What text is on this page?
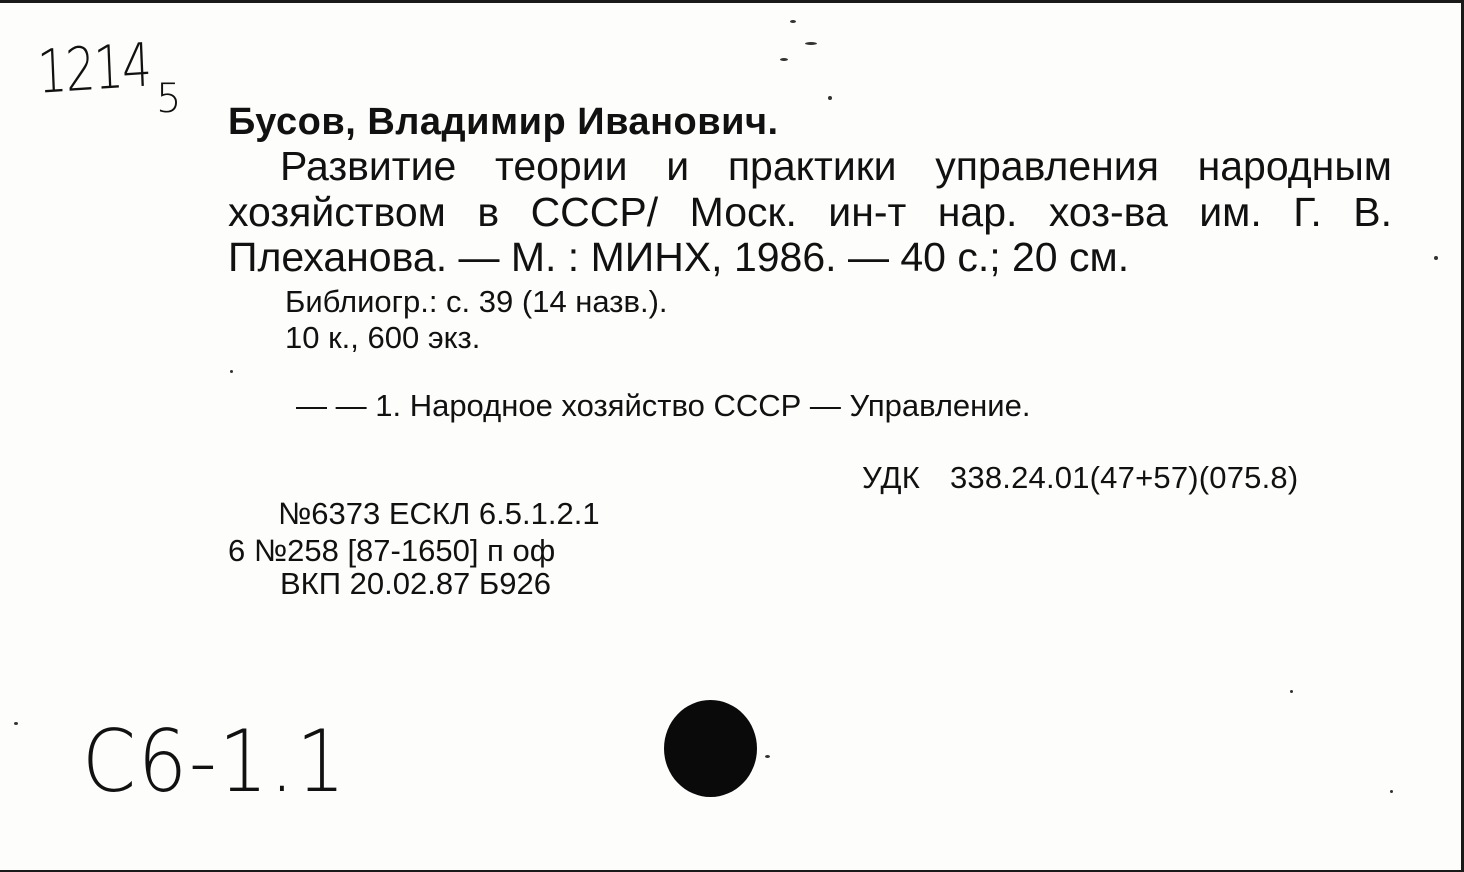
1214 5 Бусов, Владимир Иванович.
Развитие теории и практики управления народным
хозяйством в СССР/ Моск. ин-т нар. хоз-ва им. Г. В.
Плеханова. — М. : МИНХ, 1986. — 40 с.; 20 см.
Библиогр.: с. 39 (14 назв.).
10 к., 600 экз.
— — 1. Народное хозяйство СССР — Управление.
УДК 338.24.01(47+57)(075.8)
№6373 ЕСКЛ 6.5.1.2.1
6 №258 [87-1650] п оф
ВКП 20.02.87 Б926
C6-1.1
